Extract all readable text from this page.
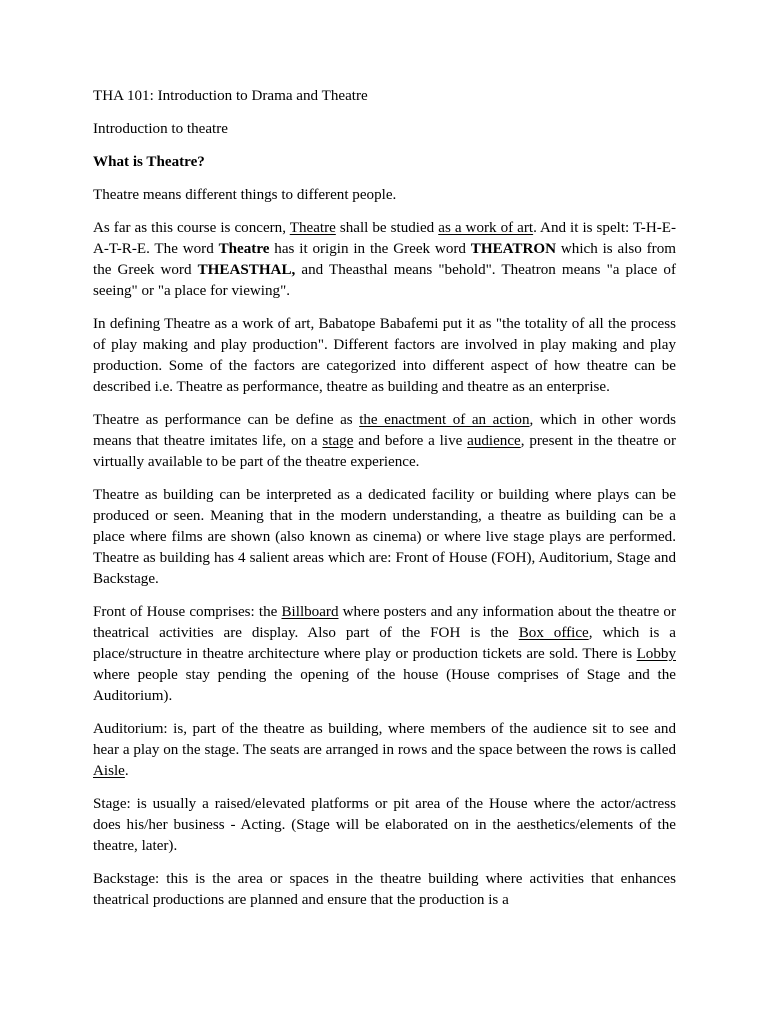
THA 101: Introduction to Drama and Theatre

Introduction to theatre

What is Theatre?

Theatre means different things to different people.

As far as this course is concern, Theatre shall be studied as a work of art. And it is spelt: T-H-E-A-T-R-E. The word Theatre has it origin in the Greek word THEATRON which is also from the Greek word THEASTHAL, and Theasthal means "behold". Theatron means "a place of seeing" or "a place for viewing".

In defining Theatre as a work of art, Babatope Babafemi put it as "the totality of all the process of play making and play production". Different factors are involved in play making and play production. Some of the factors are categorized into different aspect of how theatre can be described i.e. Theatre as performance, theatre as building and theatre as an enterprise.

Theatre as performance can be define as the enactment of an action, which in other words means that theatre imitates life, on a stage and before a live audience, present in the theatre or virtually available to be part of the theatre experience.

Theatre as building can be interpreted as a dedicated facility or building where plays can be produced or seen. Meaning that in the modern understanding, a theatre as building can be a place where films are shown (also known as cinema) or where live stage plays are performed. Theatre as building has 4 salient areas which are: Front of House (FOH), Auditorium, Stage and Backstage.

Front of House comprises: the Billboard where posters and any information about the theatre or theatrical activities are display. Also part of the FOH is the Box office, which is a place/structure in theatre architecture where play or production tickets are sold. There is Lobby where people stay pending the opening of the house (House comprises of Stage and the Auditorium).

Auditorium: is, part of the theatre as building, where members of the audience sit to see and hear a play on the stage. The seats are arranged in rows and the space between the rows is called Aisle.

Stage: is usually a raised/elevated platforms or pit area of the House where the actor/actress does his/her business - Acting. (Stage will be elaborated on in the aesthetics/elements of the theatre, later).

Backstage: this is the area or spaces in the theatre building where activities that enhances theatrical productions are planned and ensure that the production is a
